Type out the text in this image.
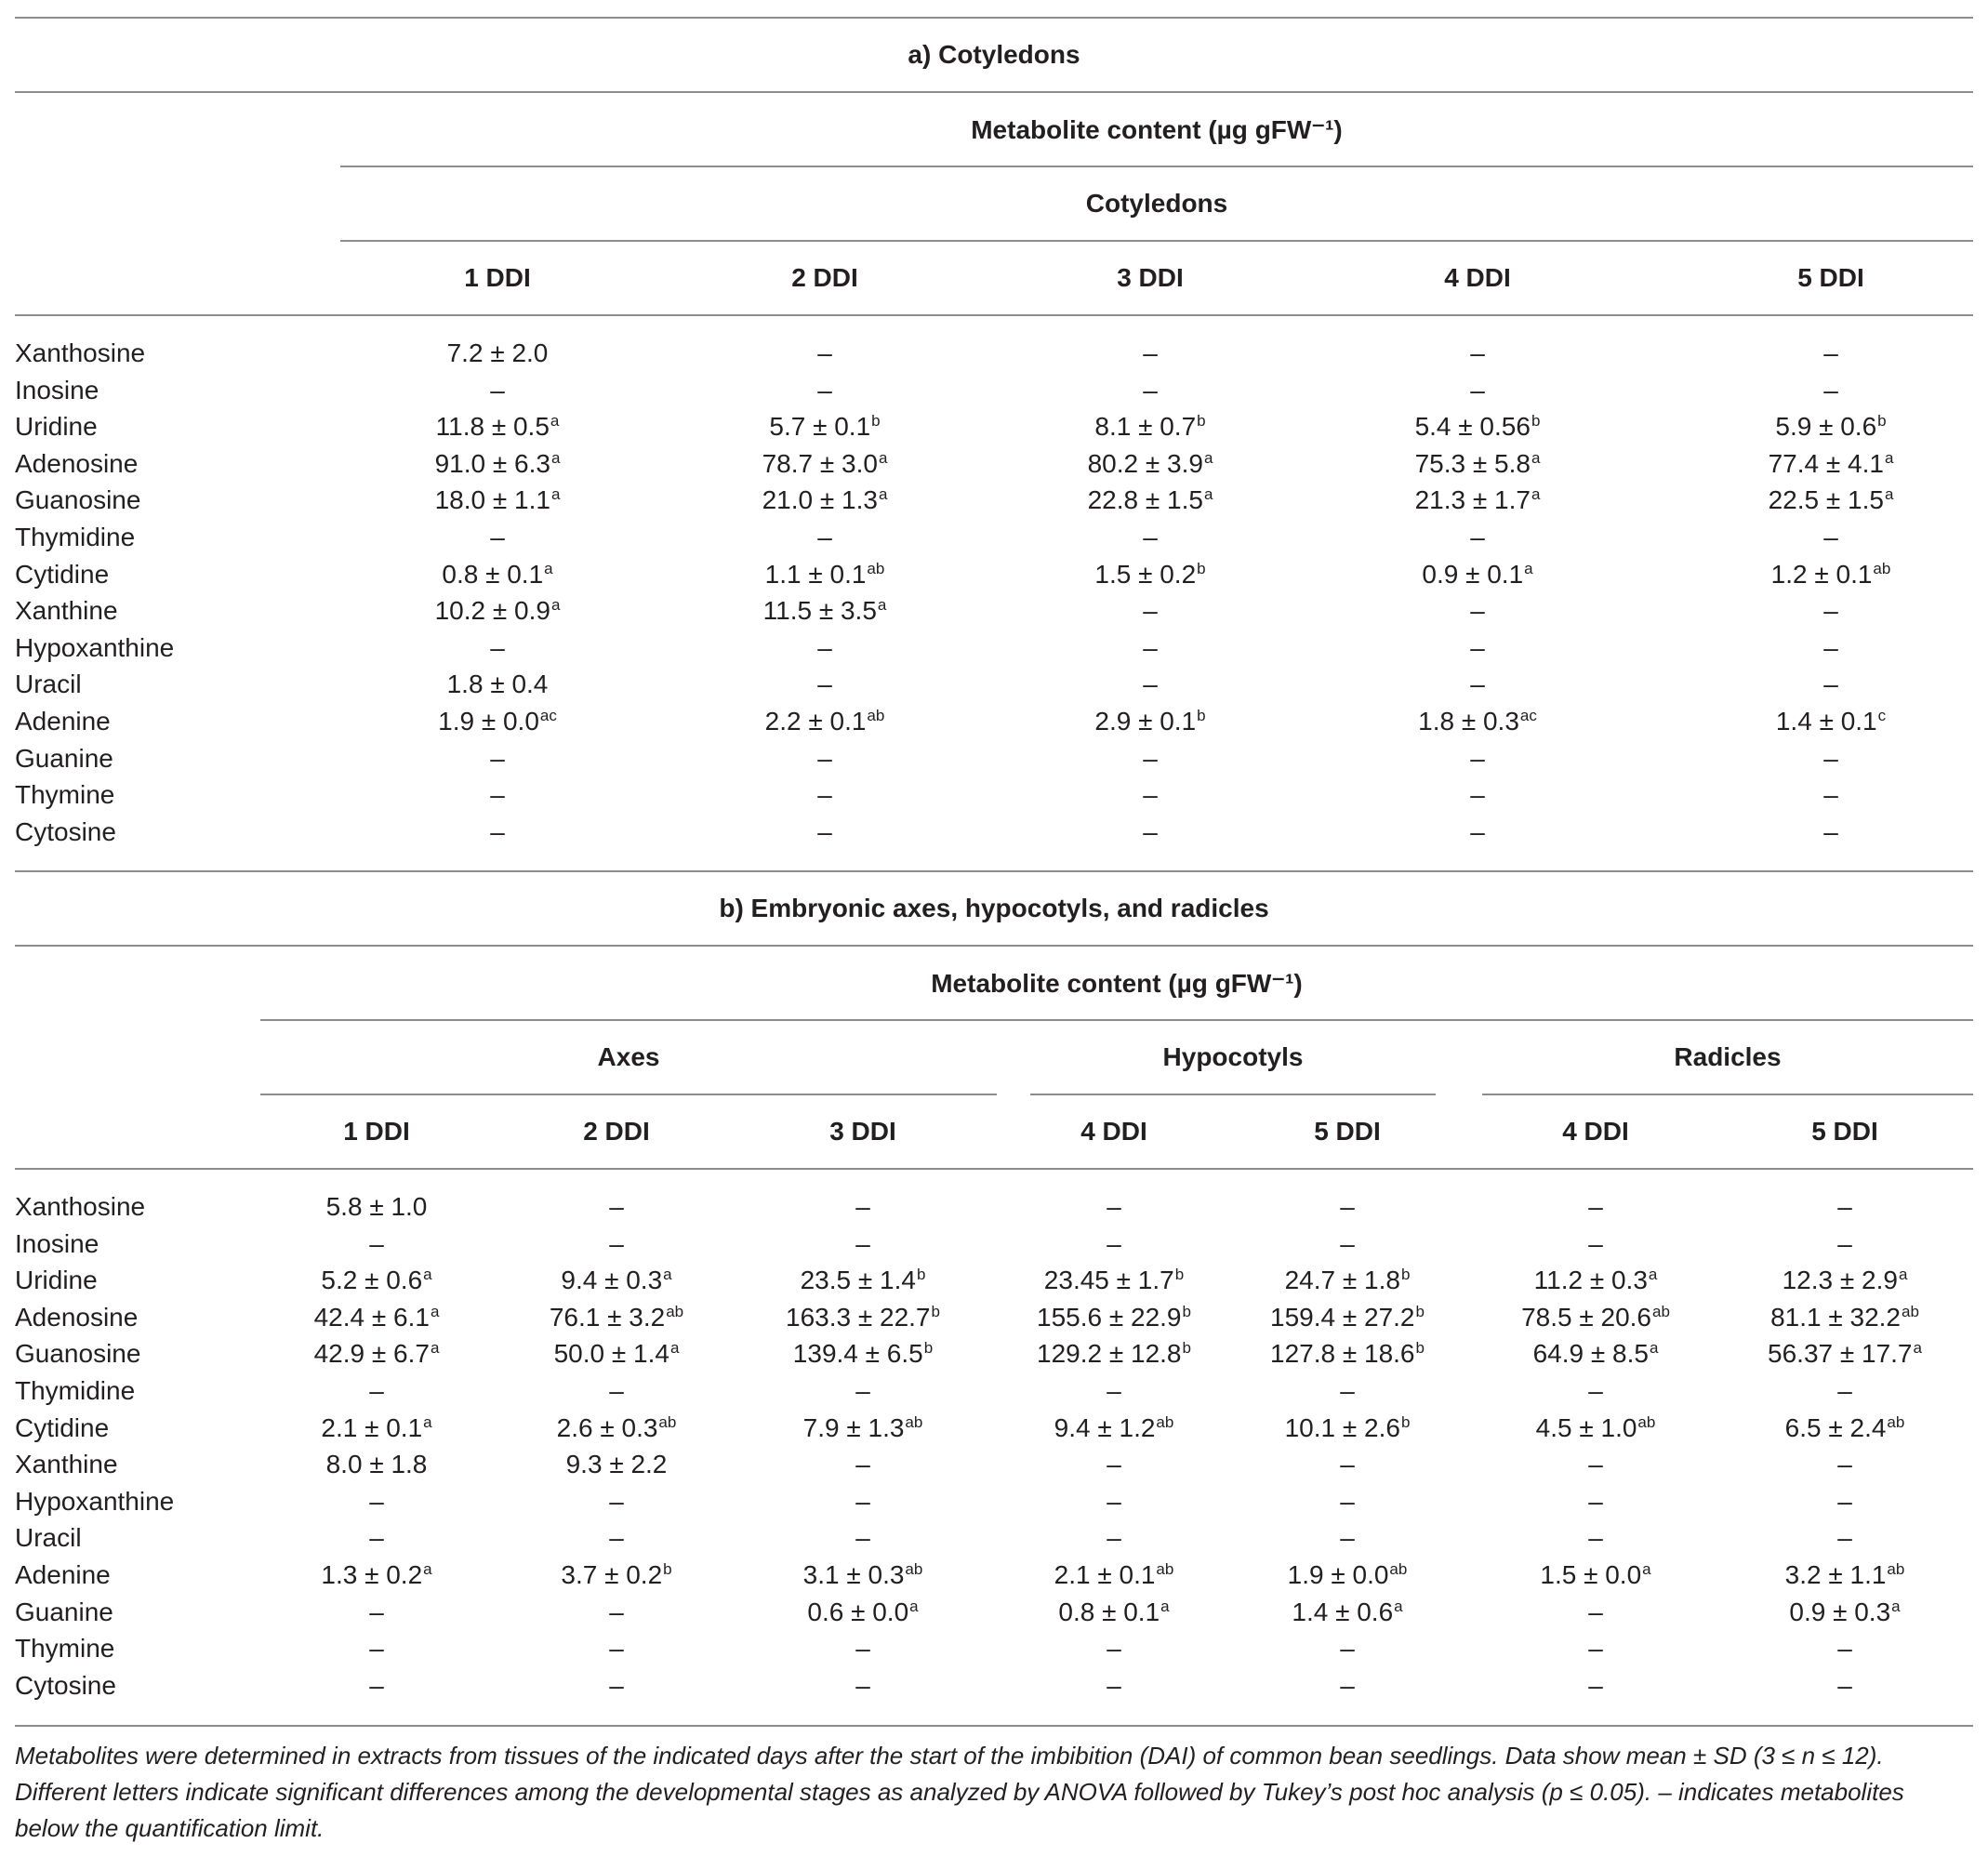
a) Cotyledons
Metabolite content (µg gFW⁻¹)
Cotyledons
1 DDI	2 DDI	3 DDI	4 DDI	5 DDI
Xanthosine	7.2 ± 2.0	–	–	–	–
Inosine	–	–	–	–	–
Uridine	11.8 ± 0.5$^a$	5.7 ± 0.1$^b$	8.1 ± 0.7$^b$	5.4 ± 0.56$^b$	5.9 ± 0.6$^b$
Adenosine	91.0 ± 6.3$^a$	78.7 ± 3.0$^a$	80.2 ± 3.9$^a$	75.3 ± 5.8$^a$	77.4 ± 4.1$^a$
Guanosine	18.0 ± 1.1$^a$	21.0 ± 1.3$^a$	22.8 ± 1.5$^a$	21.3 ± 1.7$^a$	22.5 ± 1.5$^a$
Thymidine	–	–	–	–	–
Cytidine	0.8 ± 0.1$^a$	1.1 ± 0.1$^{ab}$	1.5 ± 0.2$^b$	0.9 ± 0.1$^a$	1.2 ± 0.1$^{ab}$
Xanthine	10.2 ± 0.9$^a$	11.5 ± 3.5$^a$	–	–	–
Hypoxanthine	–	–	–	–	–
Uracil	1.8 ± 0.4	–	–	–	–
Adenine	1.9 ± 0.0$^{ac}$	2.2 ± 0.1$^{ab}$	2.9 ± 0.1$^b$	1.8 ± 0.3$^{ac}$	1.4 ± 0.1$^c$
Guanine	–	–	–	–	–
Thymine	–	–	–	–	–
Cytosine	–	–	–	–	–
b) Embryonic axes, hypocotyls, and radicles
Metabolite content (µg gFW⁻¹)
Axes	Hypocotyls	Radicles
1 DDI	2 DDI	3 DDI	4 DDI	5 DDI	4 DDI	5 DDI
Xanthosine	5.8 ± 1.0	–	–	–	–	–	–
Inosine	–	–	–	–	–	–	–
Uridine	5.2 ± 0.6$^a$	9.4 ± 0.3$^a$	23.5 ± 1.4$^b$	23.45 ± 1.7$^b$	24.7 ± 1.8$^b$	11.2 ± 0.3$^a$	12.3 ± 2.9$^a$
Adenosine	42.4 ± 6.1$^a$	76.1 ± 3.2$^{ab}$	163.3 ± 22.7$^b$	155.6 ± 22.9$^b$	159.4 ± 27.2$^b$	78.5 ± 20.6$^{ab}$	81.1 ± 32.2$^{ab}$
Guanosine	42.9 ± 6.7$^a$	50.0 ± 1.4$^a$	139.4 ± 6.5$^b$	129.2 ± 12.8$^b$	127.8 ± 18.6$^b$	64.9 ± 8.5$^a$	56.37 ± 17.7$^a$
Thymidine	–	–	–	–	–	–	–
Cytidine	2.1 ± 0.1$^a$	2.6 ± 0.3$^{ab}$	7.9 ± 1.3$^{ab}$	9.4 ± 1.2$^{ab}$	10.1 ± 2.6$^b$	4.5 ± 1.0$^{ab}$	6.5 ± 2.4$^{ab}$
Xanthine	8.0 ± 1.8	9.3 ± 2.2	–	–	–	–	–
Hypoxanthine	–	–	–	–	–	–	–
Uracil	–	–	–	–	–	–	–
Adenine	1.3 ± 0.2$^a$	3.7 ± 0.2$^b$	3.1 ± 0.3$^{ab}$	2.1 ± 0.1$^{ab}$	1.9 ± 0.0$^{ab}$	1.5 ± 0.0$^a$	3.2 ± 1.1$^{ab}$
Guanine	–	–	0.6 ± 0.0$^a$	0.8 ± 0.1$^a$	1.4 ± 0.6$^a$	–	0.9 ± 0.3$^a$
Thymine	–	–	–	–	–	–	–
Cytosine	–	–	–	–	–	–	–
Metabolites were determined in extracts from tissues of the indicated days after the start of the imbibition (DAI) of common bean seedlings. Data show mean ± SD (3 ≤ n ≤ 12). Different letters indicate significant differences among the developmental stages as analyzed by ANOVA followed by Tukey’s post hoc analysis (p ≤ 0.05). – indicates metabolites below the quantification limit.
